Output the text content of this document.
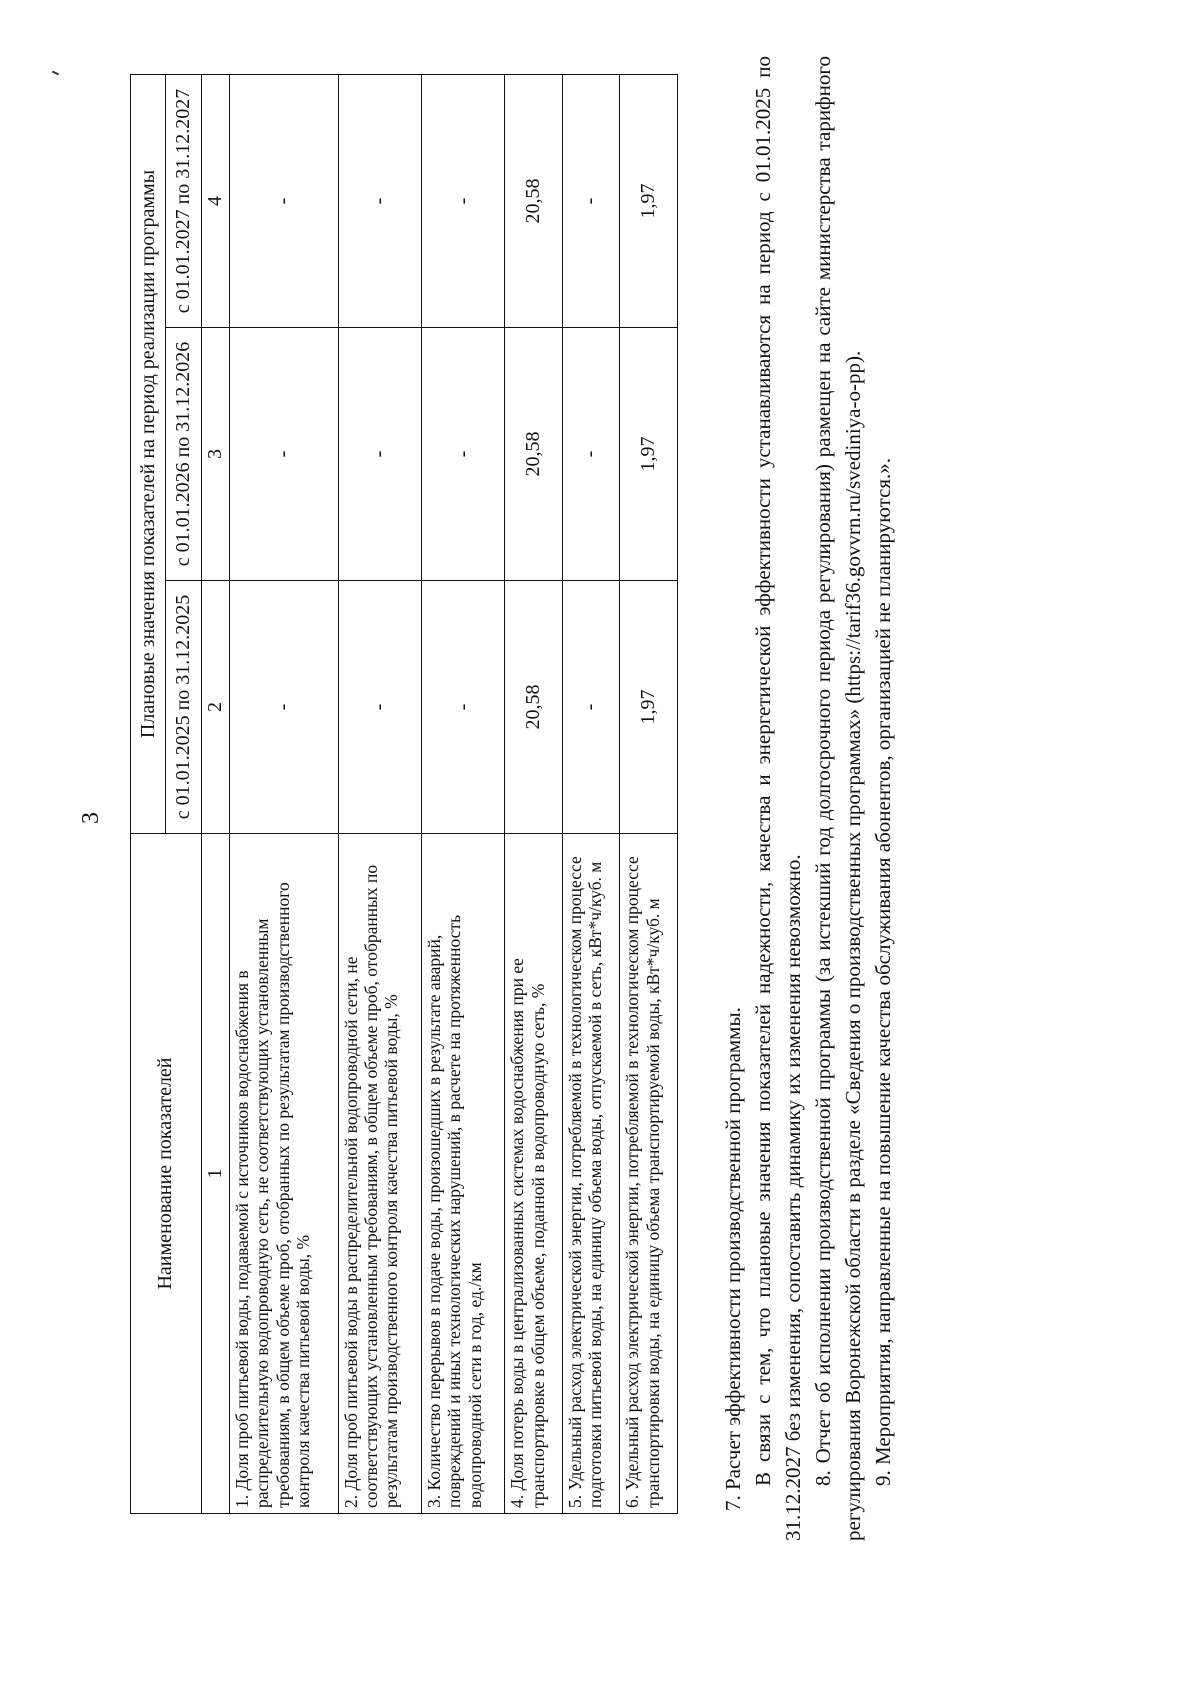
3
Наименование показателей	Плановые значения показателей на период реализации программы		
	с 01.01.2025 по 31.12.2025	с 01.01.2026 по 31.12.2026	с 01.01.2027 по 31.12.2027
1	2	3	4
1. Доля проб питьевой воды, подаваемой с источников водоснабжения в распределительную водопроводную сеть, не соответствующих установленным требованиям, в общем объеме проб, отобранных по результатам производственного контроля качества питьевой воды, %	-	-	-
2. Доля проб питьевой воды в распределительной водопроводной сети, не соответствующих установленным требованиям, в общем объеме проб, отобранных по результатам производственного контроля качества питьевой воды, %	-	-	-
3. Количество перерывов в подаче воды, произошедших в результате аварий, повреждений и иных технологических нарушений, в расчете на протяженность водопроводной сети в год, ед./км	-	-	-
4. Доля потерь воды в централизованных системах водоснабжения при ее транспортировке в общем объеме, поданной в водопроводную сеть, %	20,58	20,58	20,58
5. Удельный расход электрической энергии, потребляемой в технологическом процессе подготовки питьевой воды, на единицу объема воды, отпускаемой в сеть, кВт*ч/куб. м	-	-	-
6. Удельный расход электрической энергии, потребляемой в технологическом процессе транспортировки воды, на единицу объема транспортируемой воды, кВт*ч/куб. м	1,97	1,97	1,97

7. Расчет эффективности производственной программы. В связи с тем, что плановые значения показателей надежности, качества и энергетической эффективности устанавливаются на период с 01.01.2025 по 31.12.2027 без изменения, сопоставить динамику их изменения невозможно. 8. Отчет об исполнении производственной программы (за истекший год долгосрочного периода регулирования) размещен на сайте министерства тарифного регулирования Воронежской области в разделе «Сведения о производственных программах» (https://tarif36.govvrn.ru/svediniya-o-pp). 9. Мероприятия, направленные на повышение качества обслуживания абонентов, организацией не планируются.».
